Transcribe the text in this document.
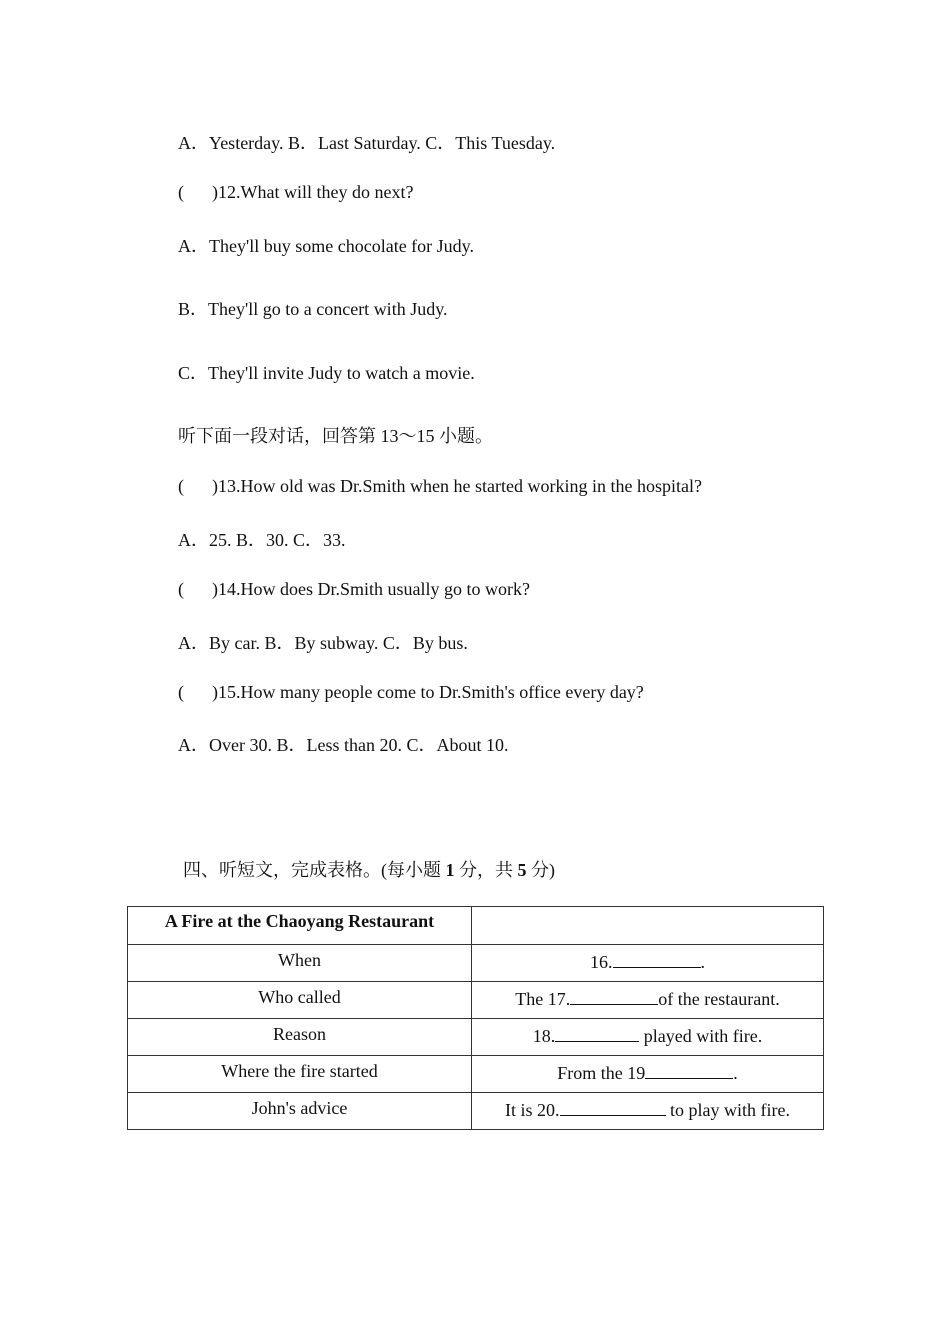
A．Yesterday. B．Last Saturday. C．This Tuesday.
( )12.What will they do next?
A．They'll buy some chocolate for Judy.
B．They'll go to a concert with Judy.
C．They'll invite Judy to watch a movie.
听下面一段对话，回答第 13～15 小题。
( )13.How old was Dr.Smith when he started working in the hospital?
A．25. B．30. C．33.
( )14.How does Dr.Smith usually go to work?
A．By car. B．By subway. C．By bus.
( )15.How many people come to Dr.Smith's office every day?
A．Over 30. B．Less than 20. C．About 10.
四、听短文，完成表格。(每小题 1 分，共 5 分)
A Fire at the Chaoyang Restaurant	
When	16. .
Who called	The 17. of the restaurant.
Reason	18. played with fire.
Where the fire started	From the 19 .
John's advice	It is 20. to play with fire.
